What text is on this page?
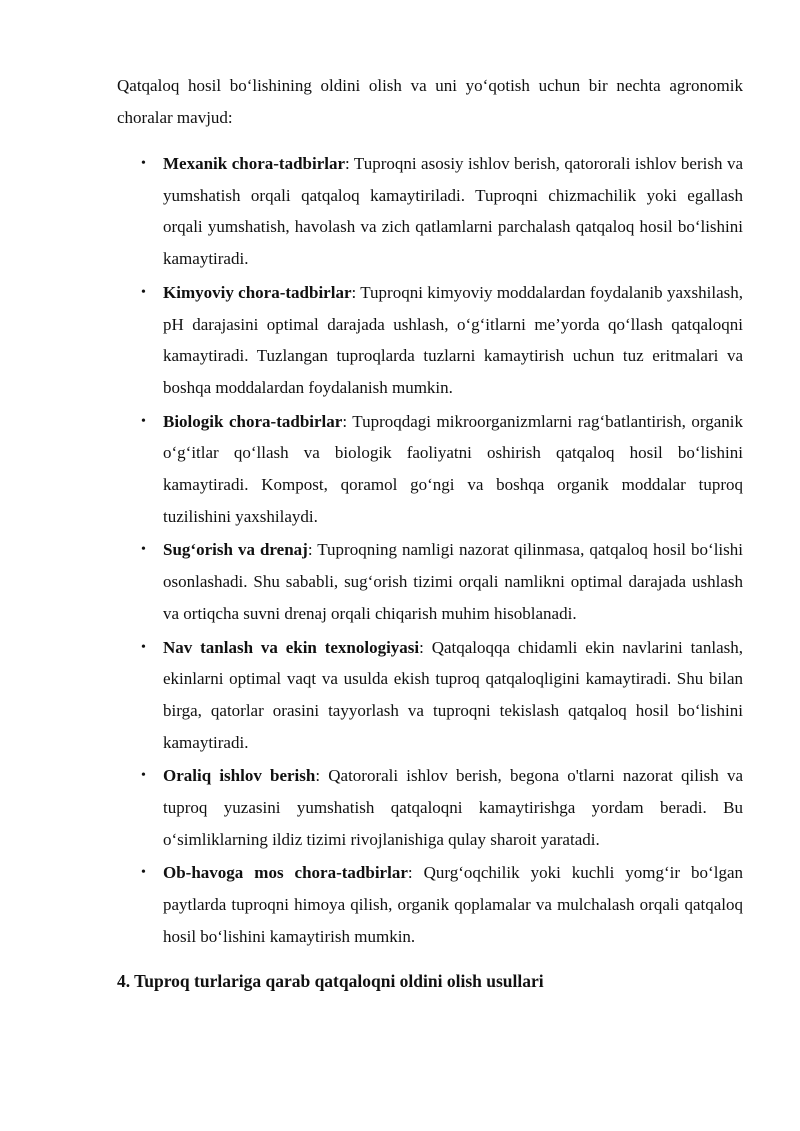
Qatqaloq hosil bo‘lishining oldini olish va uni yo‘qotish uchun bir nechta agronomik choralar mavjud:

• Mexanik chora-tadbirlar: Tuproqni asosiy ishlov berish, qatororali ishlov berish va yumshatish orqali qatqaloq kamaytiriladi. Tuproqni chizmachilik yoki egallash orqali yumshatish, havolash va zich qatlamlarni parchalash qatqaloq hosil bo‘lishini kamaytiradi.
• Kimyoviy chora-tadbirlar: Tuproqni kimyoviy moddalardan foydalanib yaxshilash, pH darajasini optimal darajada ushlash, o‘g‘itlarni me’yorda qo‘llash qatqaloqni kamaytiradi. Tuzlangan tuproqlarda tuzlarni kamaytirish uchun tuz eritmalari va boshqa moddalardan foydalanish mumkin.
• Biologik chora-tadbirlar: Tuproqdagi mikroorganizmlarni rag‘batlantirish, organik o‘g‘itlar qo‘llash va biologik faoliyatni oshirish qatqaloq hosil bo‘lishini kamaytiradi. Kompost, qoramol go‘ngi va boshqa organik moddalar tuproq tuzilishini yaxshilaydi.
• Sug‘orish va drenaj: Tuproqning namligi nazorat qilinmasa, qatqaloq hosil bo‘lishi osonlashadi. Shu sababli, sug‘orish tizimi orqali namlikni optimal darajada ushlash va ortiqcha suvni drenaj orqali chiqarish muhim hisoblanadi.
• Nav tanlash va ekin texnologiyasi: Qatqaloqqa chidamli ekin navlarini tanlash, ekinlarni optimal vaqt va usulda ekish tuproq qatqaloqligini kamaytiradi. Shu bilan birga, qatorlar orasini tayyorlash va tuproqni tekislash qatqaloq hosil bo‘lishini kamaytiradi.
• Oraliq ishlov berish: Qatororali ishlov berish, begona o'tlarni nazorat qilish va tuproq yuzasini yumshatish qatqaloqni kamaytirishga yordam beradi. Bu o‘simliklarning ildiz tizimi rivojlanishiga qulay sharoit yaratadi.
• Ob-havoga mos chora-tadbirlar: Qurg‘oqchilik yoki kuchli yomg‘ir bo‘lgan paytlarda tuproqni himoya qilish, organik qoplamalar va mulchalash orqali qatqaloq hosil bo‘lishini kamaytirish mumkin.
4. Tuproq turlariga qarab qatqaloqni oldini olish usullari
